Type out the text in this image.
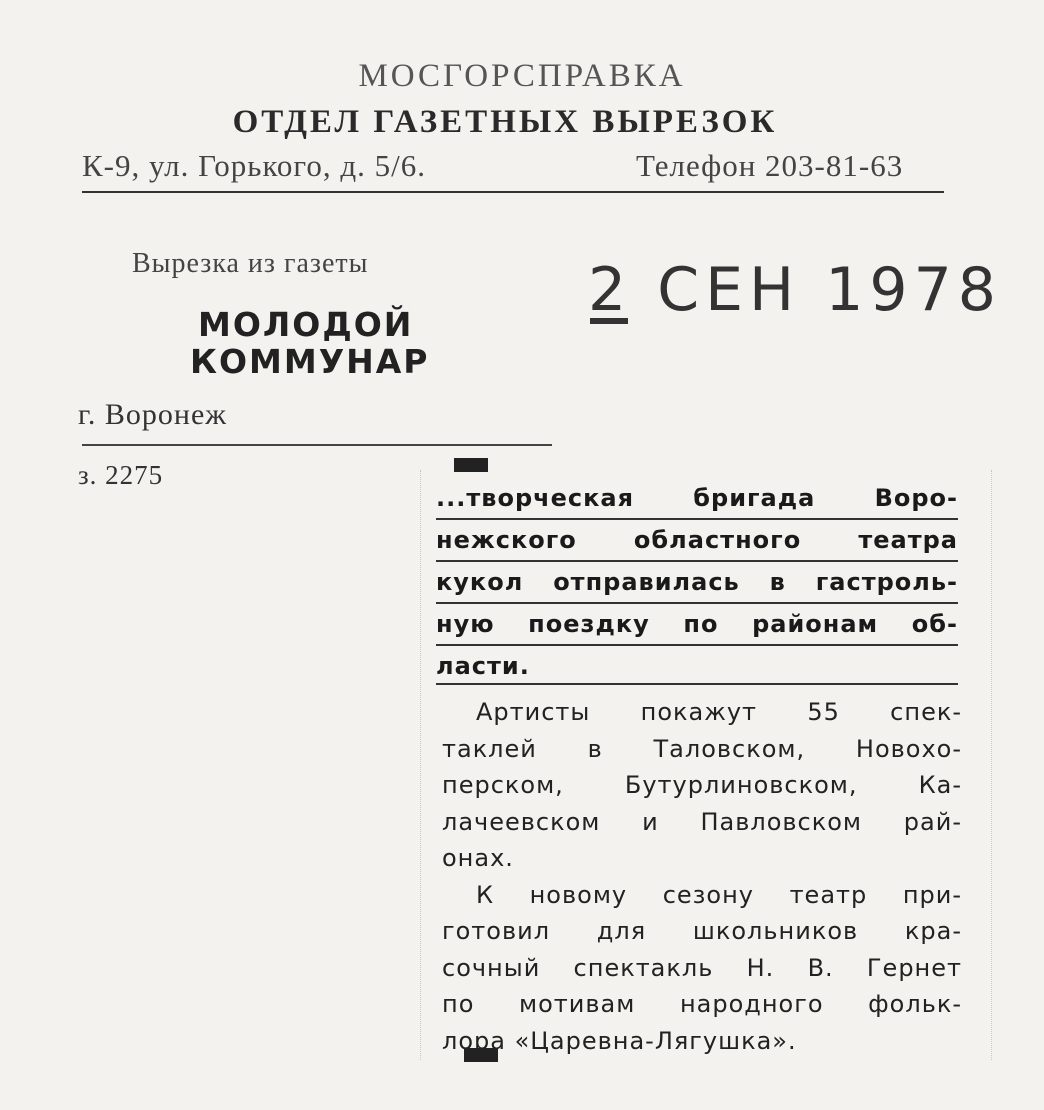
МОСГОРСПРАВКА
ОТДЕЛ ГАЗЕТНЫХ ВЫРЕЗОК
К-9, ул. Горького, д. 5/6.	Телефон 203-81-63
Вырезка из газеты
МОЛОДОЙ
КОММУНАР
г. Воронеж
з. 2275
2 СЕН 1978
...творческая бригада Воро-
нежского областного театра
кукол отправилась в гастроль-
ную поездку по районам об-
ласти.
Артисты покажут 55 спек-
таклей в Таловском, Новохо-
перском, Бутурлиновском, Ка-
лачеевском и Павловском рай-
онах.
К новому сезону театр при-
готовил для школьников кра-
сочный спектакль Н. В. Гернет
по мотивам народного фольк-
лора «Царевна-Лягушка».
